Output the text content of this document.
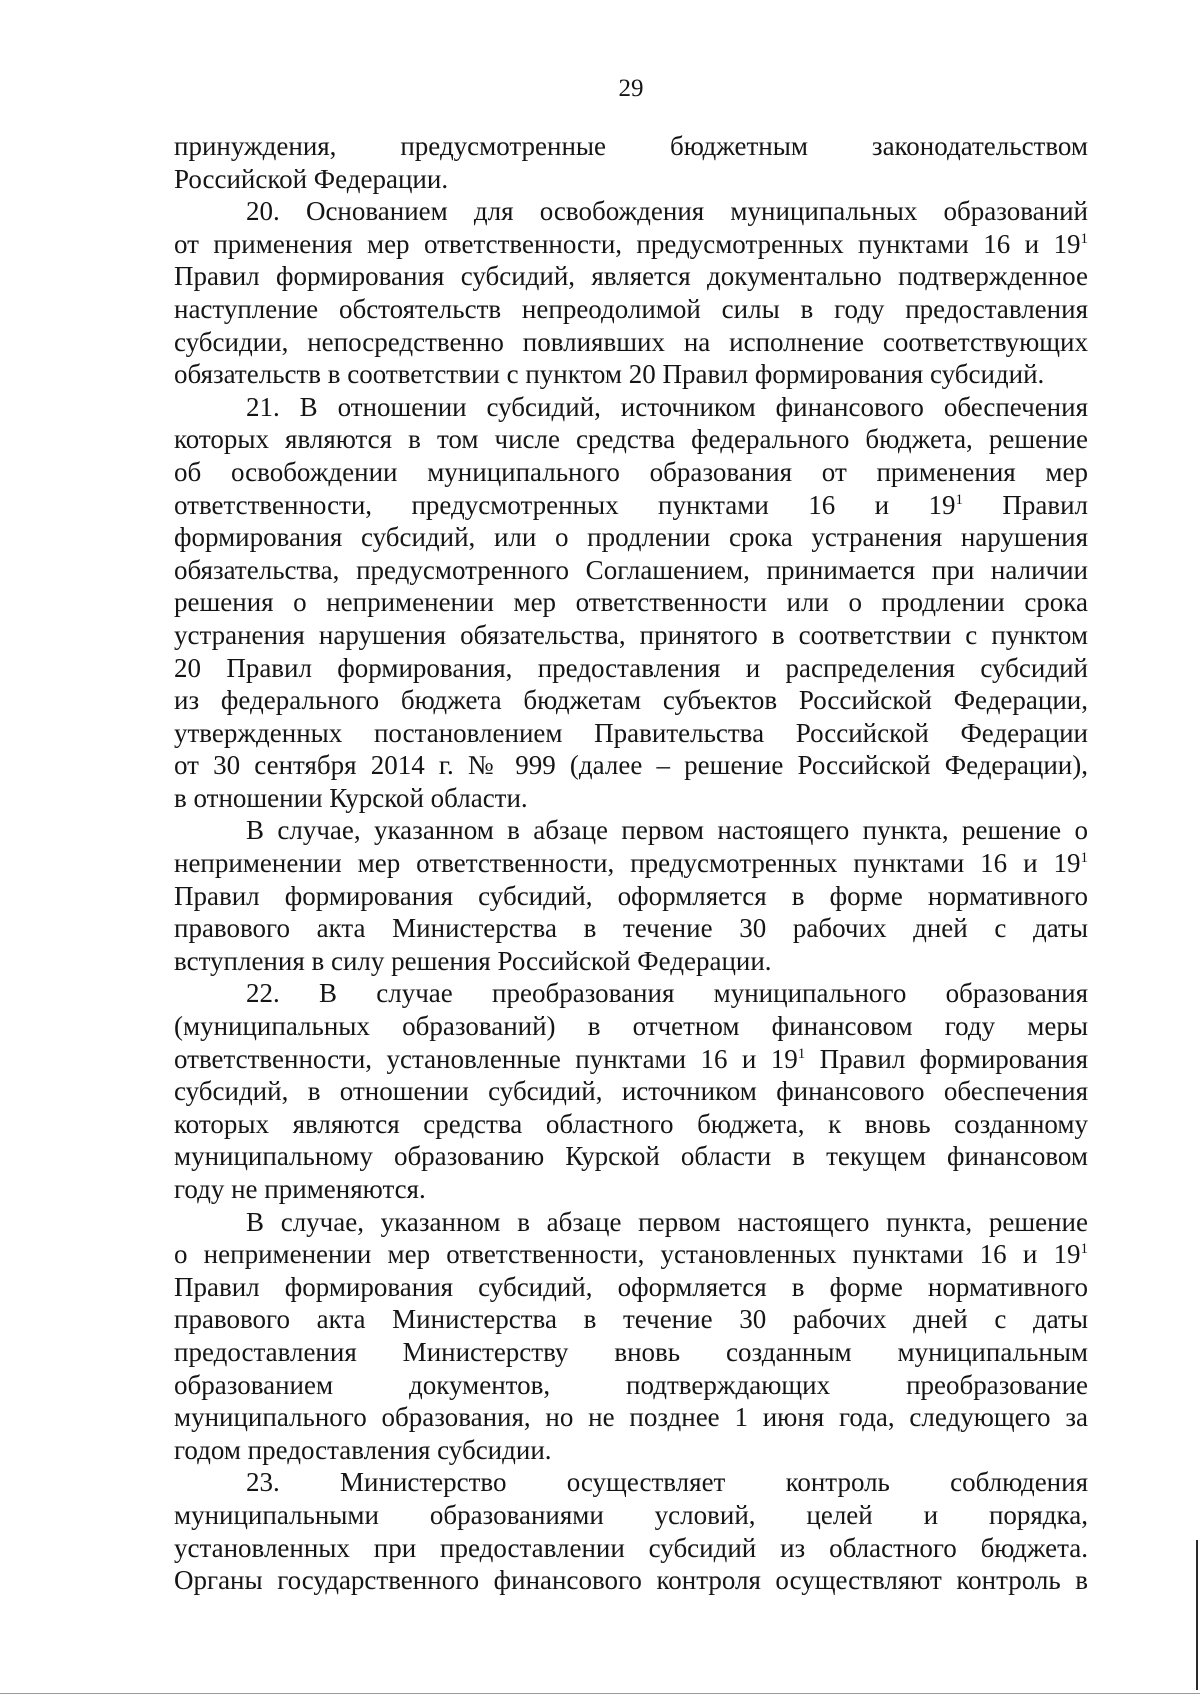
29
принуждения, предусмотренные бюджетным законодательством
Российской Федерации.
20. Основанием для освобождения муниципальных образований
от применения мер ответственности, предусмотренных пунктами 16 и $19^1$
Правил формирования субсидий, является документально подтвержденное
наступление обстоятельств непреодолимой силы в году предоставления
субсидии, непосредственно повлиявших на исполнение соответствующих
обязательств в соответствии с пунктом 20 Правил формирования субсидий.
21. В отношении субсидий, источником финансового обеспечения
которых являются в том числе средства федерального бюджета, решение
об освобождении муниципального образования от применения мер
ответственности, предусмотренных пунктами 16 и $19^1$ Правил
формирования субсидий, или о продлении срока устранения нарушения
обязательства, предусмотренного Соглашением, принимается при наличии
решения о неприменении мер ответственности или о продлении срока
устранения нарушения обязательства, принятого в соответствии с пунктом
20 Правил формирования, предоставления и распределения субсидий
из федерального бюджета бюджетам субъектов Российской Федерации,
утвержденных постановлением Правительства Российской Федерации
от 30 сентября 2014 г. № 999 (далее – решение Российской Федерации),
в отношении Курской области.
В случае, указанном в абзаце первом настоящего пункта, решение о
неприменении мер ответственности, предусмотренных пунктами 16 и $19^1$
Правил формирования субсидий, оформляется в форме нормативного
правового акта Министерства в течение 30 рабочих дней с даты
вступления в силу решения Российской Федерации.
22. В случае преобразования муниципального образования
(муниципальных образований) в отчетном финансовом году меры
ответственности, установленные пунктами 16 и $19^1$ Правил формирования
субсидий, в отношении субсидий, источником финансового обеспечения
которых являются средства областного бюджета, к вновь созданному
муниципальному образованию Курской области в текущем финансовом
году не применяются.
В случае, указанном в абзаце первом настоящего пункта, решение
о неприменении мер ответственности, установленных пунктами 16 и $19^1$
Правил формирования субсидий, оформляется в форме нормативного
правового акта Министерства в течение 30 рабочих дней с даты
предоставления Министерству вновь созданным муниципальным
образованием документов, подтверждающих преобразование
муниципального образования, но не позднее 1 июня года, следующего за
годом предоставления субсидии.
23. Министерство осуществляет контроль соблюдения
муниципальными образованиями условий, целей и порядка,
установленных при предоставлении субсидий из областного бюджета.
Органы государственного финансового контроля осуществляют контроль в
